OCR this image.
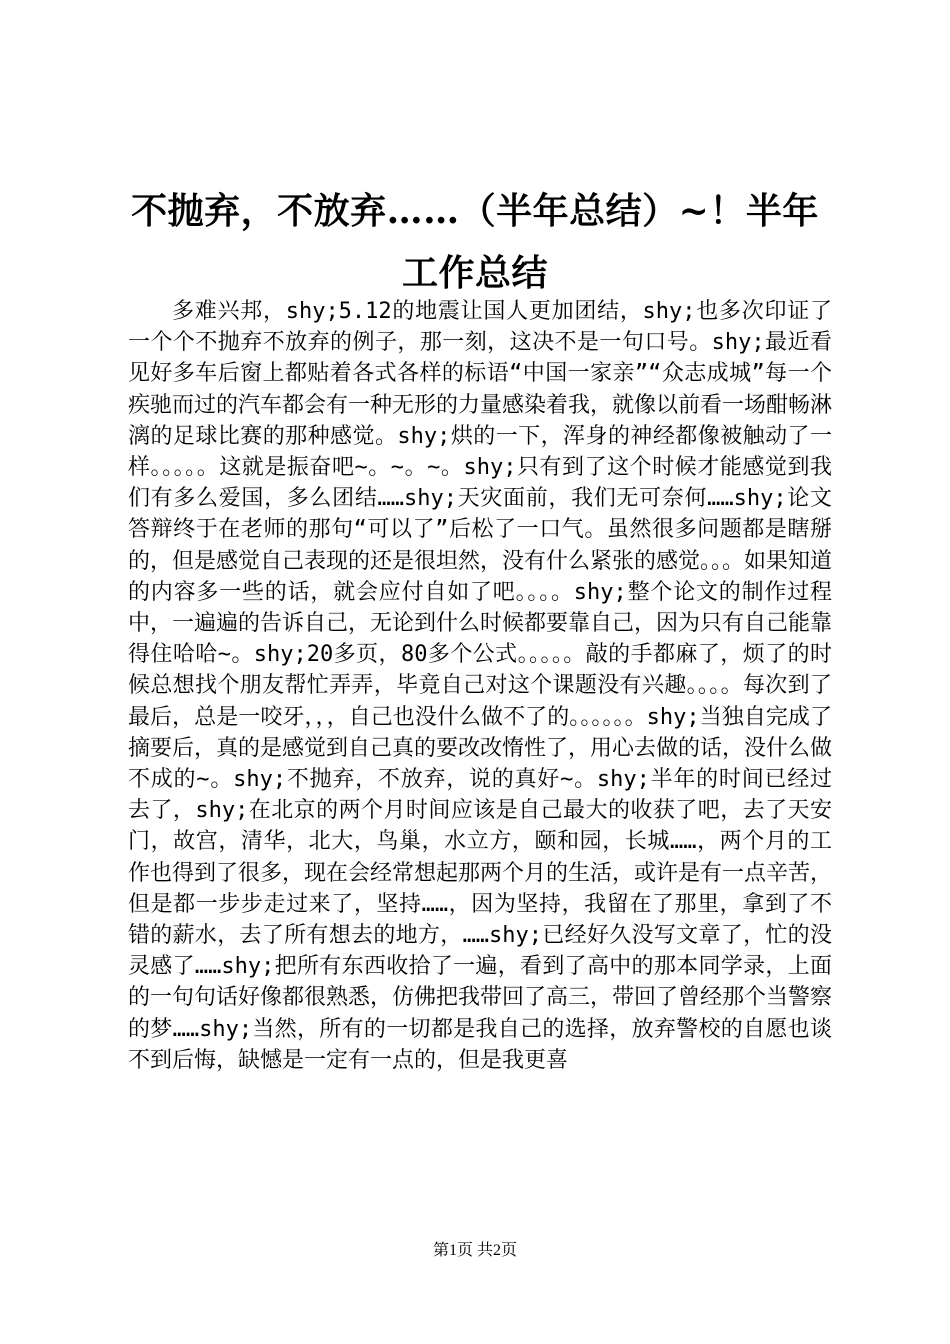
不抛弃，不放弃……（半年总结）~！半年工作总结

多难兴邦，shy;5.12的地震让国人更加团结，shy;也多次印证了一个个不抛弃不放弃的例子，那一刻，这决不是一句口号。shy;最近看见好多车后窗上都贴着各式各样的标语“中国一家亲”“众志成城”每一个疾驰而过的汽车都会有一种无形的力量感染着我，就像以前看一场酣畅淋漓的足球比赛的那种感觉。shy;烘的一下，浑身的神经都像被触动了一样。。。。。这就是振奋吧~。~。~。shy;只有到了这个时候才能感觉到我们有多么爱国，多么团结……shy;天灾面前，我们无可奈何……shy;论文答辩终于在老师的那句“可以了”后松了一口气。虽然很多问题都是瞎掰的，但是感觉自己表现的还是很坦然，没有什么紧张的感觉。。。如果知道的内容多一些的话，就会应付自如了吧。。。。shy;整个论文的制作过程中，一遍遍的告诉自己，无论到什么时候都要靠自己，因为只有自己能靠得住哈哈~。shy;20多页，80多个公式。。。。。敲的手都麻了，烦了的时候总想找个朋友帮忙弄弄，毕竟自己对这个课题没有兴趣。。。。每次到了最后，总是一咬牙，，，自己也没什么做不了的。。。。。。shy;当独自完成了摘要后，真的是感觉到自己真的要改改惰性了，用心去做的话，没什么做不成的~。shy;不抛弃，不放弃，说的真好~。shy;半年的时间已经过去了，shy;在北京的两个月时间应该是自己最大的收获了吧，去了天安门，故宫，清华，北大，鸟巢，水立方，颐和园，长城……，两个月的工作也得到了很多，现在会经常想起那两个月的生活，或许是有一点辛苦，但是都一步步走过来了，坚持……，因为坚持，我留在了那里，拿到了不错的薪水，去了所有想去的地方，……shy;已经好久没写文章了，忙的没灵感了……shy;把所有东西收拾了一遍，看到了高中的那本同学录，上面的一句句话好像都很熟悉，仿佛把我带回了高三，带回了曾经那个当警察的梦……shy;当然，所有的一切都是我自己的选择，放弃警校的自愿也谈不到后悔，缺憾是一定有一点的，但是我更喜

第1页 共2页
